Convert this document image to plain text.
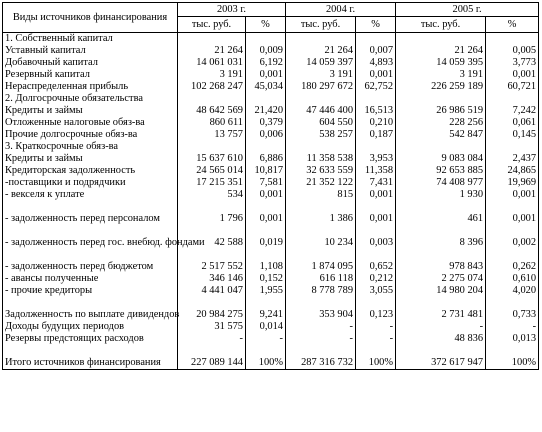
Виды источников финансирования	2003 г.		2004 г.		2005 г.	
	тыс. руб.	%	тыс. руб.	%	тыс. руб.	%
1. Собственный капитал						
Уставный капитал	21 264	0,009	21 264	0,007	21 264	0,005
Добавочный капитал	14 061 031	6,192	14 059 397	4,893	14 059 395	3,773
Резервный капитал	3 191	0,001	3 191	0,001	3 191	0,001
Нераспределенная прибыль	102 268 247	45,034	180 297 672	62,752	226 259 189	60,721
2. Долгосрочные обязательства						
Кредиты и займы	48 642 569	21,420	47 446 400	16,513	26 986 519	7,242
Отложенные налоговые обяз-ва	860 611	0,379	604 550	0,210	228 256	0,061
Прочие долгосрочные обяз-ва	13 757	0,006	538 257	0,187	542 847	0,145
3. Краткосрочные обяз-ва						
Кредиты и займы	15 637 610	6,886	11 358 538	3,953	9 083 084	2,437
Кредиторская задолженность	24 565 014	10,817	32 633 559	11,358	92 653 885	24,865
-поставщики и подрядчики	17 215 351	7,581	21 352 122	7,431	74 408 977	19,969
- векселя к уплате	534	0,001	815	0,001	1 930	0,001
- задолженность перед персоналом	1 796	0,001	1 386	0,001	461	0,001
- задолженность перед гос. внебюд. фондами	42 588	0,019	10 234	0,003	8 396	0,002
- задолженность перед бюджетом	2 517 552	1,108	1 874 095	0,652	978 843	0,262
- авансы полученные	346 146	0,152	616 118	0,212	2 275 074	0,610
- прочие кредиторы	4 441 047	1,955	8 778 789	3,055	14 980 204	4,020
Задолженность по выплате дивидендов	20 984 275	9,241	353 904	0,123	2 731 481	0,733
Доходы будущих периодов	31 575	0,014	-	-	-	-
Резервы предстоящих расходов	-	-	-	-	48 836	0,013
Итого источников финансирования	227 089 144	100%	287 316 732	100%	372 617 947	100%
